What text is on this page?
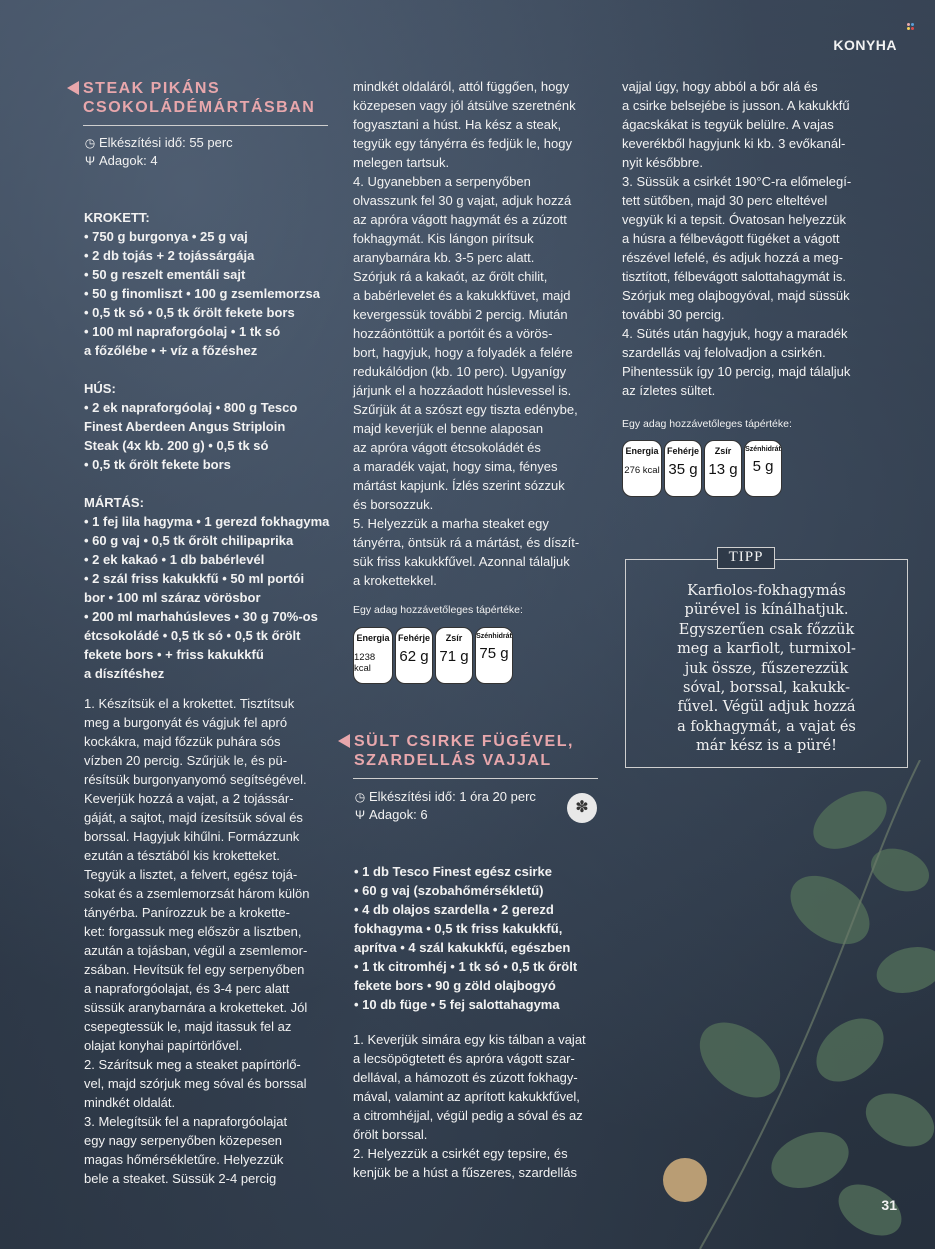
KONYHA
STEAK PIKÁNS
CSOKOLÁDÉMÁRTÁSBAN
◷ Elkészítési idő: 55 perc
Ψ Adagok: 4

KROKETT:

• 750 g burgonya • 25 g vaj

• 2 db tojás + 2 tojássárgája

• 50 g reszelt ementáli sajt

• 50 g finomliszt • 100 g zsemlemorzsa

• 0,5 tk só • 0,5 tk őrölt fekete bors

• 100 ml napraforgóolaj • 1 tk só

a főzőlébe • + víz a főzéshez

HÚS:

• 2 ek napraforgóolaj • 800 g Tesco

Finest Aberdeen Angus Striploin

Steak (4x kb. 200 g) • 0,5 tk só

• 0,5 tk őrölt fekete bors

MÁRTÁS:

• 1 fej lila hagyma • 1 gerezd fokhagyma

• 60 g vaj • 0,5 tk őrölt chilipaprika

• 2 ek kakaó • 1 db babérlevél

• 2 szál friss kakukkfű • 50 ml portói

bor • 100 ml száraz vörösbor

• 200 ml marhahúsleves • 30 g 70%-os

étcsokoládé • 0,5 tk só • 0,5 tk őrölt

fekete bors • + friss kakukkfű

a díszítéshez

1. Készítsük el a krokettet. Tisztítsuk

meg a burgonyát és vágjuk fel apró

kockákra, majd főzzük puhára sós

vízben 20 percig. Szűrjük le, és pü-

résítsük burgonyanyomó segítségével.

Keverjük hozzá a vajat, a 2 tojássár-

gáját, a sajtot, majd ízesítsük sóval és

borssal. Hagyjuk kihűlni. Formázzunk

ezután a tésztából kis kroketteket.

Tegyük a lisztet, a felvert, egész tojá-

sokat és a zsemlemorzsát három külön

tányérba. Panírozzuk be a krokette-

ket: forgassuk meg először a lisztben,

azután a tojásban, végül a zsemlemor-

zsában. Hevítsük fel egy serpenyőben

a napraforgóolajat, és 3-4 perc alatt

süssük aranybarnára a kroketteket. Jól

csepegtessük le, majd itassuk fel az

olajat konyhai papírtörlővel.

2. Szárítsuk meg a steaket papírtörlő-

vel, majd szórjuk meg sóval és borssal

mindkét oldalát.

3. Melegítsük fel a napraforgóolajat

egy nagy serpenyőben közepesen

magas hőmérsékletűre. Helyezzük

bele a steaket. Süssük 2-4 percig

mindkét oldaláról, attól függően, hogy

közepesen vagy jól átsülve szeretnénk

fogyasztani a húst. Ha kész a steak,

tegyük egy tányérra és fedjük le, hogy

melegen tartsuk.

4. Ugyanebben a serpenyőben

olvasszunk fel 30 g vajat, adjuk hozzá

az apróra vágott hagymát és a zúzott

fokhagymát. Kis lángon pirítsuk

aranybarnára kb. 3-5 perc alatt.

Szórjuk rá a kakaót, az őrölt chilit,

a babérlevelet és a kakukkfüvet, majd

kevergessük további 2 percig. Miután

hozzáöntöttük a portóit és a vörös-

bort, hagyjuk, hogy a folyadék a felére

redukálódjon (kb. 10 perc). Ugyanígy

járjunk el a hozzáadott húslevessel is.

Szűrjük át a szószt egy tiszta edénybe,

majd keverjük el benne alaposan

az apróra vágott étcsokoládét és

a maradék vajat, hogy sima, fényes

mártást kapjunk. Ízlés szerint sózzuk

és borsozzuk.

5. Helyezzük a marha steaket egy

tányérra, öntsük rá a mártást, és díszít-

sük friss kakukkfűvel. Azonnal tálaljuk

a krokettekkel.

Egy adag hozzávetőleges tápértéke:
Energia
1238 kcal
Fehérje
62 g
Zsír
71 g
Szénhidrát
75 g
SÜLT CSIRKE FÜGÉVEL,
SZARDELLÁS VAJJAL
◷ Elkészítési idő: 1 óra 20 perc
Ψ Adagok: 6	✽

• 1 db Tesco Finest egész csirke

• 60 g vaj (szobahőmérsékletű)

• 4 db olajos szardella • 2 gerezd

fokhagyma • 0,5 tk friss kakukkfű,

aprítva • 4 szál kakukkfű, egészben

• 1 tk citromhéj • 1 tk só • 0,5 tk őrölt

fekete bors • 90 g zöld olajbogyó

• 10 db füge • 5 fej salottahagyma

1. Keverjük simára egy kis tálban a vajat

a lecsöpögtetett és apróra vágott szar-

dellával, a hámozott és zúzott fokhagy-

mával, valamint az aprított kakukkfűvel,

a citromhéjjal, végül pedig a sóval és az

őrölt borssal.

2. Helyezzük a csirkét egy tepsire, és

kenjük be a húst a fűszeres, szardellás

vajjal úgy, hogy abból a bőr alá és

a csirke belsejébe is jusson. A kakukkfű

ágacskákat is tegyük belülre. A vajas

keverékből hagyjunk ki kb. 3 evőkanál-

nyit későbbre.

3. Süssük a csirkét 190°C-ra előmelegí-

tett sütőben, majd 30 perc elteltével

vegyük ki a tepsit. Óvatosan helyezzük

a húsra a félbevágott fügéket a vágott

részével lefelé, és adjuk hozzá a meg-

tisztított, félbevágott salottahagymát is.

Szórjuk meg olajbogyóval, majd süssük

további 30 percig.

4. Sütés után hagyjuk, hogy a maradék

szardellás vaj felolvadjon a csirkén.

Pihentessük így 10 percig, majd tálaljuk

az ízletes sültet.

Egy adag hozzávetőleges tápértéke:
Energia
276 kcal
Fehérje
35 g
Zsír
13 g
Szénhidrát
5 g
TIPP
Karfiolos-fokhagymás
pürével is kínálhatjuk.
Egyszerűen csak főzzük
meg a karfiolt, turmixol-
juk össze, fűszerezzük
sóval, borssal, kakukk-
fűvel. Végül adjuk hozzá
a fokhagymát, a vajat és
már kész is a püré!
31
